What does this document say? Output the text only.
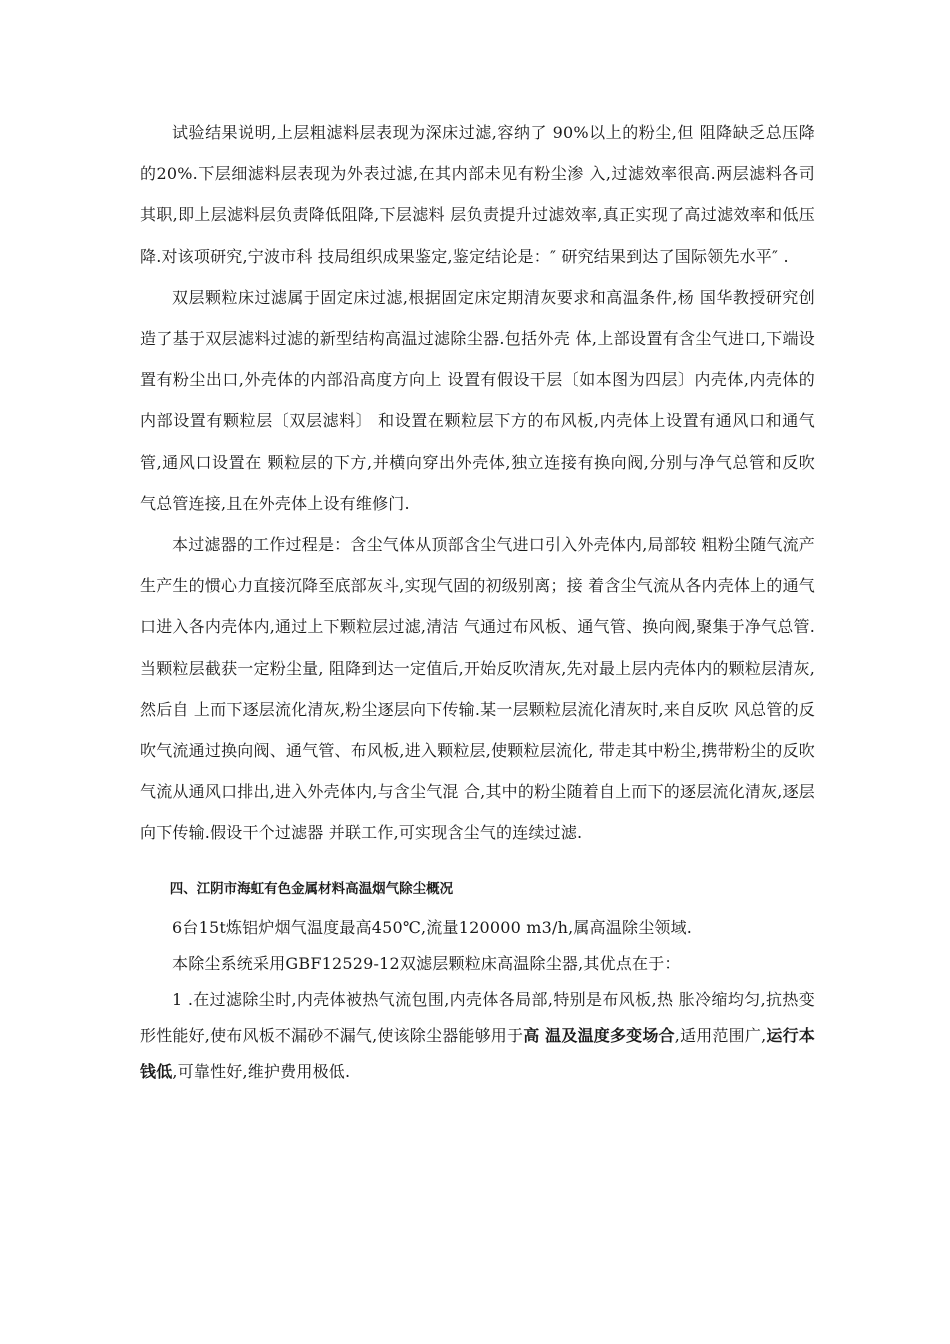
试验结果说明,上层粗滤料层表现为深床过滤,容纳了 90%以上的粉尘,但 阻降缺乏总压降的20%.下层细滤料层表现为外表过滤,在其内部未见有粉尘渗 入,过滤效率很高.两层滤料各司其职,即上层滤料层负责降低阻降,下层滤料 层负责提升过滤效率,真正实现了高过滤效率和低压降.对该项研究,宁波市科 技局组织成果鉴定,鉴定结论是：″ 研究结果到达了国际领先水平″ .

双层颗粒床过滤属于固定床过滤,根据固定床定期清灰要求和高温条件,杨 国华教授研究创造了基于双层滤料过滤的新型结构高温过滤除尘器.包括外壳 体,上部设置有含尘气进口,下端设置有粉尘出口,外壳体的内部沿高度方向上 设置有假设干层〔如本图为四层〕内壳体,内壳体的内部设置有颗粒层〔双层滤料〕 和设置在颗粒层下方的布风板,内壳体上设置有通风口和通气管,通风口设置在 颗粒层的下方,并横向穿出外壳体,独立连接有换向阀,分别与净气总管和反吹 气总管连接,且在外壳体上设有维修门.

本过滤器的工作过程是：含尘气体从顶部含尘气进口引入外壳体内,局部较 粗粉尘随气流产生产生的惯心力直接沉降至底部灰斗,实现气固的初级别离；接 着含尘气流从各内壳体上的通气口进入各内壳体内,通过上下颗粒层过滤,清洁 气通过布风板、通气管、换向阀,聚集于净气总管.当颗粒层截获一定粉尘量, 阻降到达一定值后,开始反吹清灰,先对最上层内壳体内的颗粒层清灰,然后自 上而下逐层流化清灰,粉尘逐层向下传输.某一层颗粒层流化清灰时,来自反吹 风总管的反吹气流通过换向阀、通气管、布风板,进入颗粒层,使颗粒层流化, 带走其中粉尘,携带粉尘的反吹气流从通风口排出,进入外壳体内,与含尘气混 合,其中的粉尘随着自上而下的逐层流化清灰,逐层向下传输.假设干个过滤器 并联工作,可实现含尘气的连续过滤.

四、江阴市海虹有色金属材料高温烟气除尘概况

6台15t炼铝炉烟气温度最高450℃,流量120000 m3/h,属高温除尘领域.

本除尘系统采用GBF12529-12双滤层颗粒床高温除尘器,其优点在于：

1 .在过滤除尘时,内壳体被热气流包围,内壳体各局部,特别是布风板,热 胀冷缩均匀,抗热变形性能好,使布风板不漏砂不漏气,使该除尘器能够用于高 温及温度多变场合,适用范围广,运行本钱低,可靠性好,维护费用极低.
